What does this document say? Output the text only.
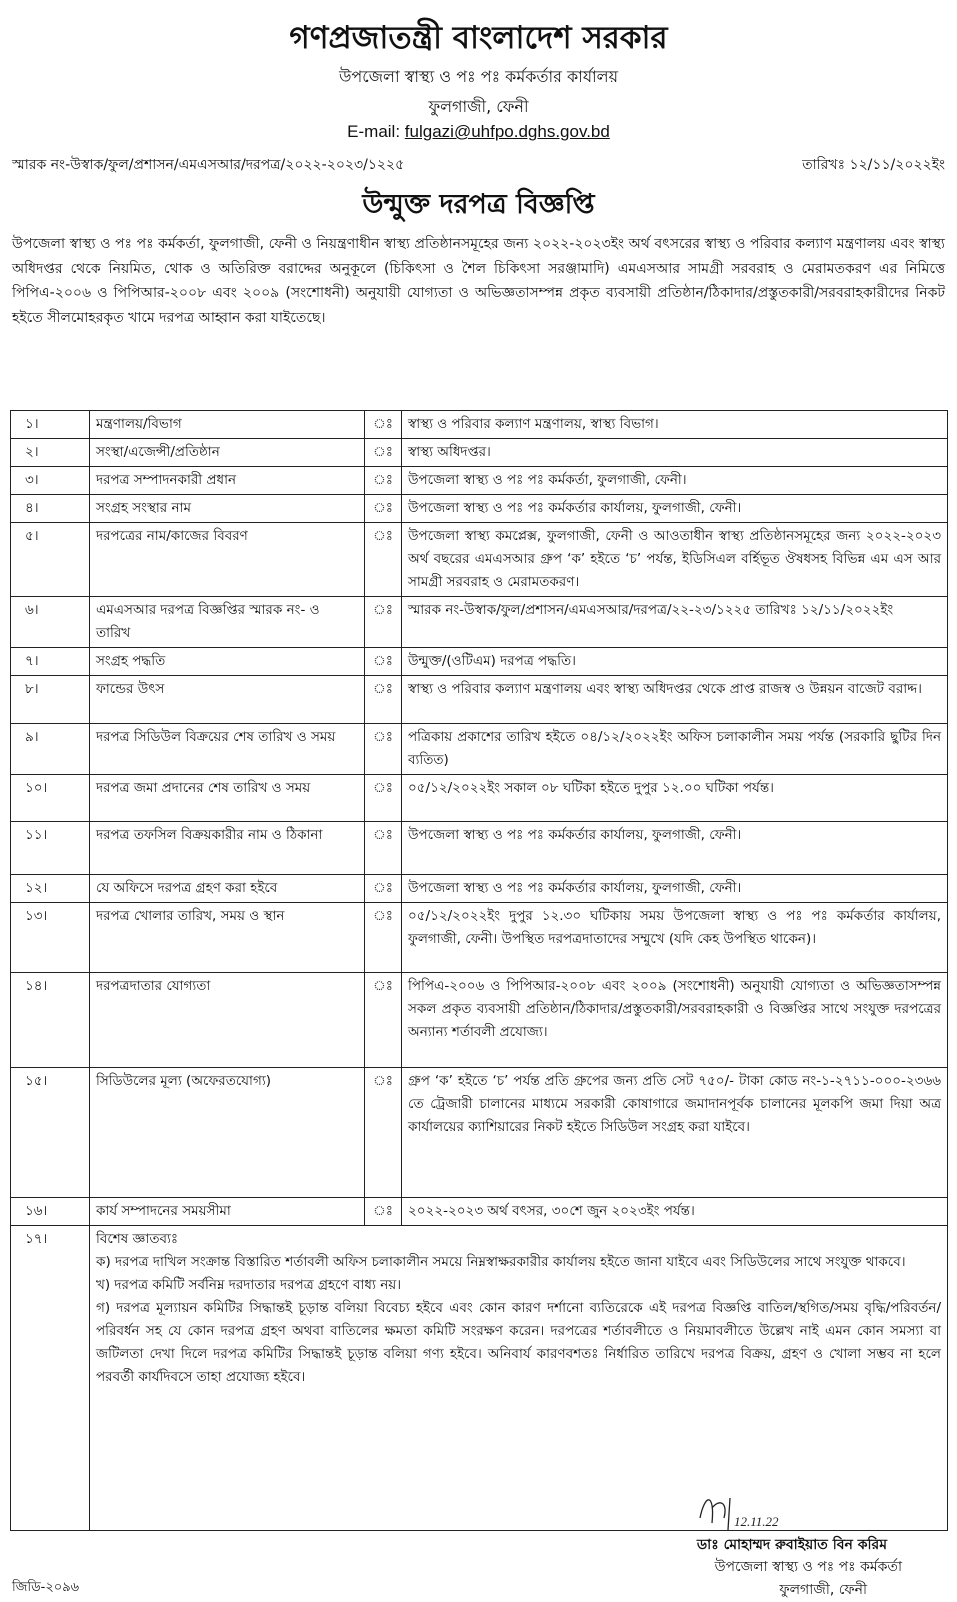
গণপ্রজাতন্ত্রী বাংলাদেশ সরকার
উপজেলা স্বাস্থ্য ও পঃ পঃ কর্মকর্তার কার্যালয়
ফুলগাজী, ফেনী
E-mail: fulgazi@uhfpo.dghs.gov.bd
স্মারক নং-উস্বাক/ফুল/প্রশাসন/এমএসআর/দরপত্র/২০২২-২০২৩/১২২৫	তারিখঃ ১২/১১/২০২২ইং
উন্মুক্ত দরপত্র বিজ্ঞপ্তি
উপজেলা স্বাস্থ্য ও পঃ পঃ কর্মকর্তা, ফুলগাজী, ফেনী ও নিয়ন্ত্রণাধীন স্বাস্থ্য প্রতিষ্ঠানসমূহের জন্য ২০২২-২০২৩ইং অর্থ বৎসরের স্বাস্থ্য ও পরিবার কল্যাণ মন্ত্রণালয় এবং স্বাস্থ্য অধিদপ্তর থেকে নিয়মিত, থোক ও অতিরিক্ত বরাদ্দের অনুকূলে (চিকিৎসা ও শৈল চিকিৎসা সরঞ্জামাদি) এমএসআর সামগ্রী সরবরাহ ও মেরামতকরণ এর নিমিত্তে পিপিএ-২০০৬ ও পিপিআর-২০০৮ এবং ২০০৯ (সংশোধনী) অনুযায়ী যোগ্যতা ও অভিজ্ঞতাসম্পন্ন প্রকৃত ব্যবসায়ী প্রতিষ্ঠান/ঠিকাদার/প্রস্তুতকারী/সরবরাহকারীদের নিকট হইতে সীলমোহরকৃত খামে দরপত্র আহ্বান করা যাইতেছে।
১।	মন্ত্রণালয়/বিভাগ	ঃ	স্বাস্থ্য ও পরিবার কল্যাণ মন্ত্রণালয়, স্বাস্থ্য বিভাগ।
২।	সংস্থা/এজেন্সী/প্রতিষ্ঠান	ঃ	স্বাস্থ্য অধিদপ্তর।
৩।	দরপত্র সম্পাদনকারী প্রধান	ঃ	উপজেলা স্বাস্থ্য ও পঃ পঃ কর্মকর্তা, ফুলগাজী, ফেনী।
৪।	সংগ্রহ সংস্থার নাম	ঃ	উপজেলা স্বাস্থ্য ও পঃ পঃ কর্মকর্তার কার্যালয়, ফুলগাজী, ফেনী।
৫।	দরপত্রের নাম/কাজের বিবরণ	ঃ	উপজেলা স্বাস্থ্য কমপ্লেক্স, ফুলগাজী, ফেনী ও আওতাধীন স্বাস্থ্য প্রতিষ্ঠানসমূহের জন্য ২০২২-২০২৩ অর্থ বছরের এমএসআর গ্রুপ ‘ক’ হইতে ‘চ’ পর্যন্ত, ইডিসিএল বর্হিভূত ঔষধসহ বিভিন্ন এম এস আর সামগ্রী সরবরাহ ও মেরামতকরণ।
৬।	এমএসআর দরপত্র বিজ্ঞপ্তির স্মারক নং- ও তারিখ	ঃ	স্মারক নং-উস্বাক/ফুল/প্রশাসন/এমএসআর/দরপত্র/২২-২৩/১২২৫ তারিখঃ ১২/১১/২০২২ইং
৭।	সংগ্রহ পদ্ধতি	ঃ	উন্মুক্ত/(ওটিএম) দরপত্র পদ্ধতি।
৮।	ফান্ডের উৎস	ঃ	স্বাস্থ্য ও পরিবার কল্যাণ মন্ত্রণালয় এবং স্বাস্থ্য অধিদপ্তর থেকে প্রাপ্ত রাজস্ব ও উন্নয়ন বাজেট বরাদ্দ।
৯।	দরপত্র সিডিউল বিক্রয়ের শেষ তারিখ ও সময়	ঃ	পত্রিকায় প্রকাশের তারিখ হইতে ০৪/১২/২০২২ইং অফিস চলাকালীন সময় পর্যন্ত (সরকারি ছুটির দিন ব্যতিত)
১০।	দরপত্র জমা প্রদানের শেষ তারিখ ও সময়	ঃ	০৫/১২/২০২২ইং সকাল ০৮ ঘটিকা হইতে দুপুর ১২.০০ ঘটিকা পর্যন্ত।
১১।	দরপত্র তফসিল বিক্রয়কারীর নাম ও ঠিকানা	ঃ	উপজেলা স্বাস্থ্য ও পঃ পঃ কর্মকর্তার কার্যালয়, ফুলগাজী, ফেনী।
১২।	যে অফিসে দরপত্র গ্রহণ করা হইবে	ঃ	উপজেলা স্বাস্থ্য ও পঃ পঃ কর্মকর্তার কার্যালয়, ফুলগাজী, ফেনী।
১৩।	দরপত্র খোলার তারিখ, সময় ও স্থান	ঃ	০৫/১২/২০২২ইং দুপুর ১২.৩০ ঘটিকায় সময় উপজেলা স্বাস্থ্য ও পঃ পঃ কর্মকর্তার কার্যালয়, ফুলগাজী, ফেনী। উপস্থিত দরপত্রদাতাদের সম্মুখে (যদি কেহ উপস্থিত থাকেন)।
১৪।	দরপত্রদাতার যোগ্যতা	ঃ	পিপিএ-২০০৬ ও পিপিআর-২০০৮ এবং ২০০৯ (সংশোধনী) অনুযায়ী যোগ্যতা ও অভিজ্ঞতাসম্পন্ন সকল প্রকৃত ব্যবসায়ী প্রতিষ্ঠান/ঠিকাদার/প্রস্তুতকারী/সরবরাহকারী ও বিজ্ঞপ্তির সাথে সংযুক্ত দরপত্রের অন্যান্য শর্তাবলী প্রযোজ্য।
১৫।	সিডিউলের মূল্য (অফেরতযোগ্য)	ঃ	গ্রুপ ‘ক’ হইতে ‘চ’ পর্যন্ত প্রতি গ্রুপের জন্য প্রতি সেট ৭৫০/- টাকা কোড নং-১-২৭১১-০০০-২৩৬৬ তে ট্রেজারী চালানের মাধ্যমে সরকারী কোষাগারে জমাদানপূর্বক চালানের মূলকপি জমা দিয়া অত্র কার্যালয়ের ক্যাশিয়ারের নিকট হইতে সিডিউল সংগ্রহ করা যাইবে।
১৬।	কার্য সম্পাদনের সময়সীমা	ঃ	২০২২-২০২৩ অর্থ বৎসর, ৩০শে জুন ২০২৩ইং পর্যন্ত।
১৭।	বিশেষ জ্ঞাতব্যঃ

ক) দরপত্র দাখিল সংক্রান্ত বিস্তারিত শর্তাবলী অফিস চলাকালীন সময়ে নিম্নস্বাক্ষরকারীর কার্যালয় হইতে জানা যাইবে এবং সিডিউলের সাথে সংযুক্ত থাকবে।

খ) দরপত্র কমিটি সর্বনিম্ন দরদাতার দরপত্র গ্রহণে বাধ্য নয়।

গ) দরপত্র মূল্যায়ন কমিটির সিদ্ধান্তই চূড়ান্ত বলিয়া বিবেচ্য হইবে এবং কোন কারণ দর্শানো ব্যতিরেকে এই দরপত্র বিজ্ঞপ্তি বাতিল/স্থগিত/সময় বৃদ্ধি/পরিবর্তন/পরিবর্ধন সহ যে কোন দরপত্র গ্রহণ অথবা বাতিলের ক্ষমতা কমিটি সংরক্ষণ করেন। দরপত্রের শর্তাবলীতে ও নিয়মাবলীতে উল্লেখ নাই এমন কোন সমস্যা বা জটিলতা দেখা দিলে দরপত্র কমিটির সিদ্ধান্তই চূড়ান্ত বলিয়া গণ্য হইবে। অনিবার্য কারণবশতঃ নির্ধারিত তারিখে দরপত্র বিক্রয়, গ্রহণ ও খোলা সম্ভব না হলে পরবর্তী কার্যদিবসে তাহা প্রযোজ্য হইবে।		

12.11.22
ডাঃ মোহাম্মদ রুবাইয়াত বিন করিম
উপজেলা স্বাস্থ্য ও পঃ পঃ কর্মকর্তা
ফুলগাজী, ফেনী
জিডি-২০৯৬
